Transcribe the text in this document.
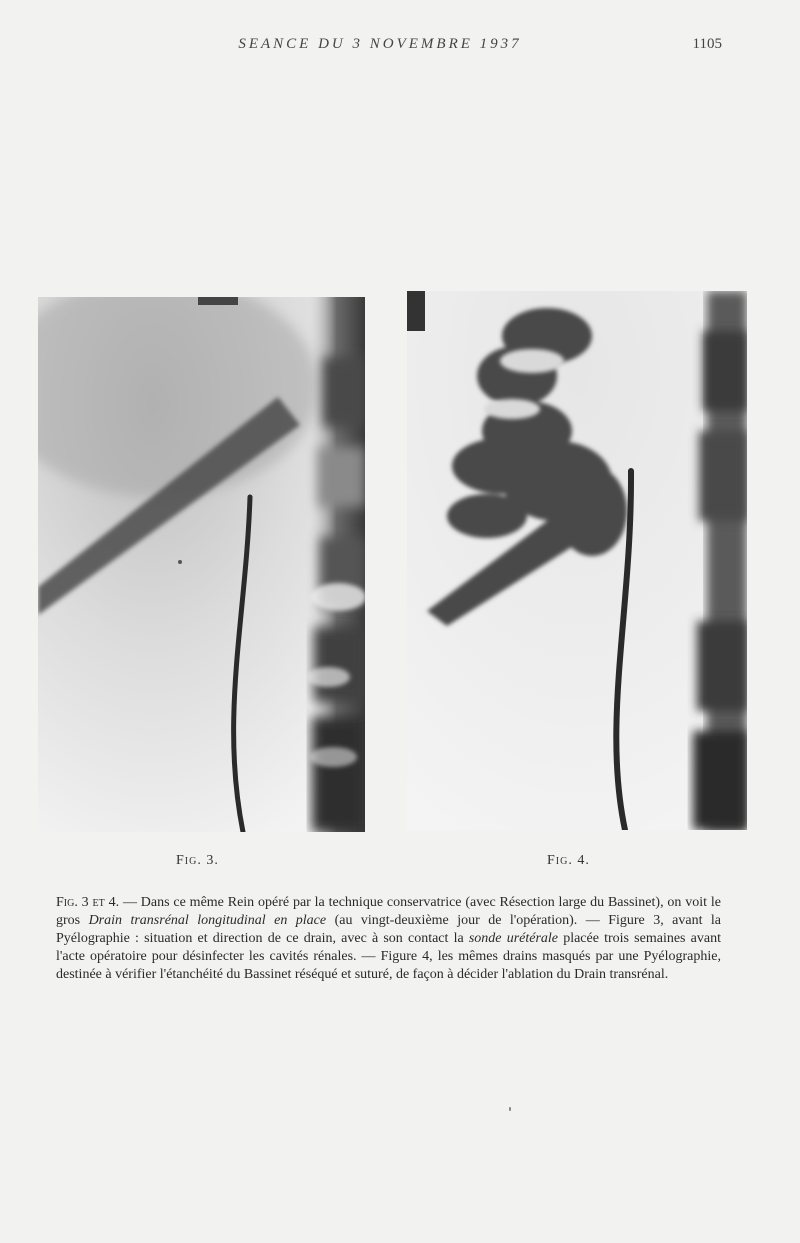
SEANCE DU 3 NOVEMBRE 1937	1105
Fig. 3.	Fig. 4.

Fig. 3 et 4. — Dans ce même Rein opéré par la technique conservatrice (avec Résection large du Bassinet), on voit le gros Drain transrénal longitudinal en place (au vingt-deuxième jour de l'opération). — Figure 3, avant la Pyélographie : situation et direction de ce drain, avec à son contact la sonde urétérale placée trois semaines avant l'acte opératoire pour désinfecter les cavités rénales. — Figure 4, les mêmes drains masqués par une Pyélographie, destinée à vérifier l'étanchéité du Bassinet réséqué et suturé, de façon à décider l'ablation du Drain transrénal.
